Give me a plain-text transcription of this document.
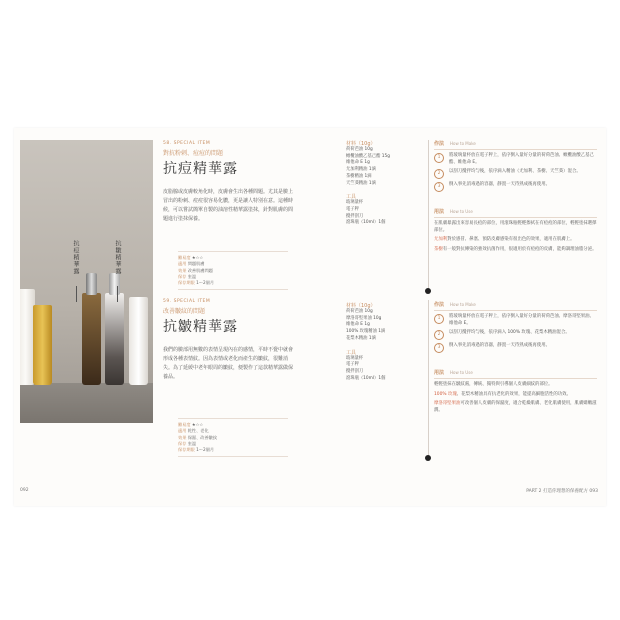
抗痘精華露	抗皺精華露
58. SPECIAL ITEM
對抗粉刺、痘痘的問題
抗痘精華露
皮脂腺或皮膚較角化時，皮膚會生出各種問題。尤其是臉上冒出的粉刺、痘痘很容易化膿，更是讓人特別在意。這種時候，可以嘗試簡單自製的油溶性精華露塗抹，針對肌膚的問題進行塗抹保養。
難易度 ★☆☆
適用 問題肌膚
效果 改善肌膚問題
保存 室溫
保存期限 1～2個月
59. SPECIAL ITEM
改善皺紋的問題
抗皺精華露
我們的臉部用無數的表情呈現內在的感情，平時不覺中就會形成各種表情紋。因為表情或老化而產生的皺紋，很難消失。為了延緩中老年眼周的皺紋，便製作了這款精華露做保養品。
難易度 ★☆☆
適用 乾性、老化
效果 保濕、改善皺紋
保存 室溫
保存期限 1～2個月
材料（10g）
荷荷芭油 10g
橄欖油酸乙基己酯 15g
維他命 E 1g
尤加利精油 1滴
茶樹精油 1滴
天竺葵精油 1滴
工具
玻璃量杯
電子秤
攪拌刮刀
滾珠瓶（10ml）1個
材料（10g）
荷荷芭油 10g
摩洛哥堅果油 10g
維他命 E 1g
100% 玫瑰精油 1滴
花梨木精油 1滴
工具
玻璃量杯
電子秤
攪拌刮刀
滾珠瓶（10ml）1個
作法 How to Make
1	將玻璃量杯放在電子秤上，依序倒入量好分量的荷荷芭油、橄欖油酸乙基己酯、維他命 E。
2	以刮刀攪拌均勻後，依序滴入精油（尤加利、茶樹、天竺葵）混合。
3	倒入事先消毒過的容器，靜置一天待熟成後再使用。
用法 How to Use
在肌膚暴露出來容易長痘的部位，用滾珠瓶輕輕擦拭在有痘痘的部位，輕輕塗抹選擇部位。
尤加利對於感冒、鼻塞、預防皮膚感染有很出色的效果，適用在肌膚上。
茶樹有一般對抗傳染的強效抗菌作用，很適用於有痘痘的皮膚，能夠調理油脂分泌。
作法 How to Make
1	將玻璃量杯放在電子秤上，依序倒入量好分量的荷荷芭油、摩洛哥堅果油、維他命 E。
2	以刮刀攪拌均勻後，依序滴入 100% 玫瑰、花梨木精油混合。
3	倒入事先消毒過的容器，靜置一天待熟成後再使用。
用法 How to Use
輕輕塗抹在皺紋處，傳統、獨特與引導個人皮膚細紋的部位。
100% 玫瑰、花梨木精油具有抗老化的效果，能提高細胞活性的功效。
摩洛哥堅果油可改善個人皮膚的保濕度，適合乾燥肌膚、老化肌膚使用，肌膚嬌嫩滋潤。
092	PART 2 打造你理想的保養配方 093
